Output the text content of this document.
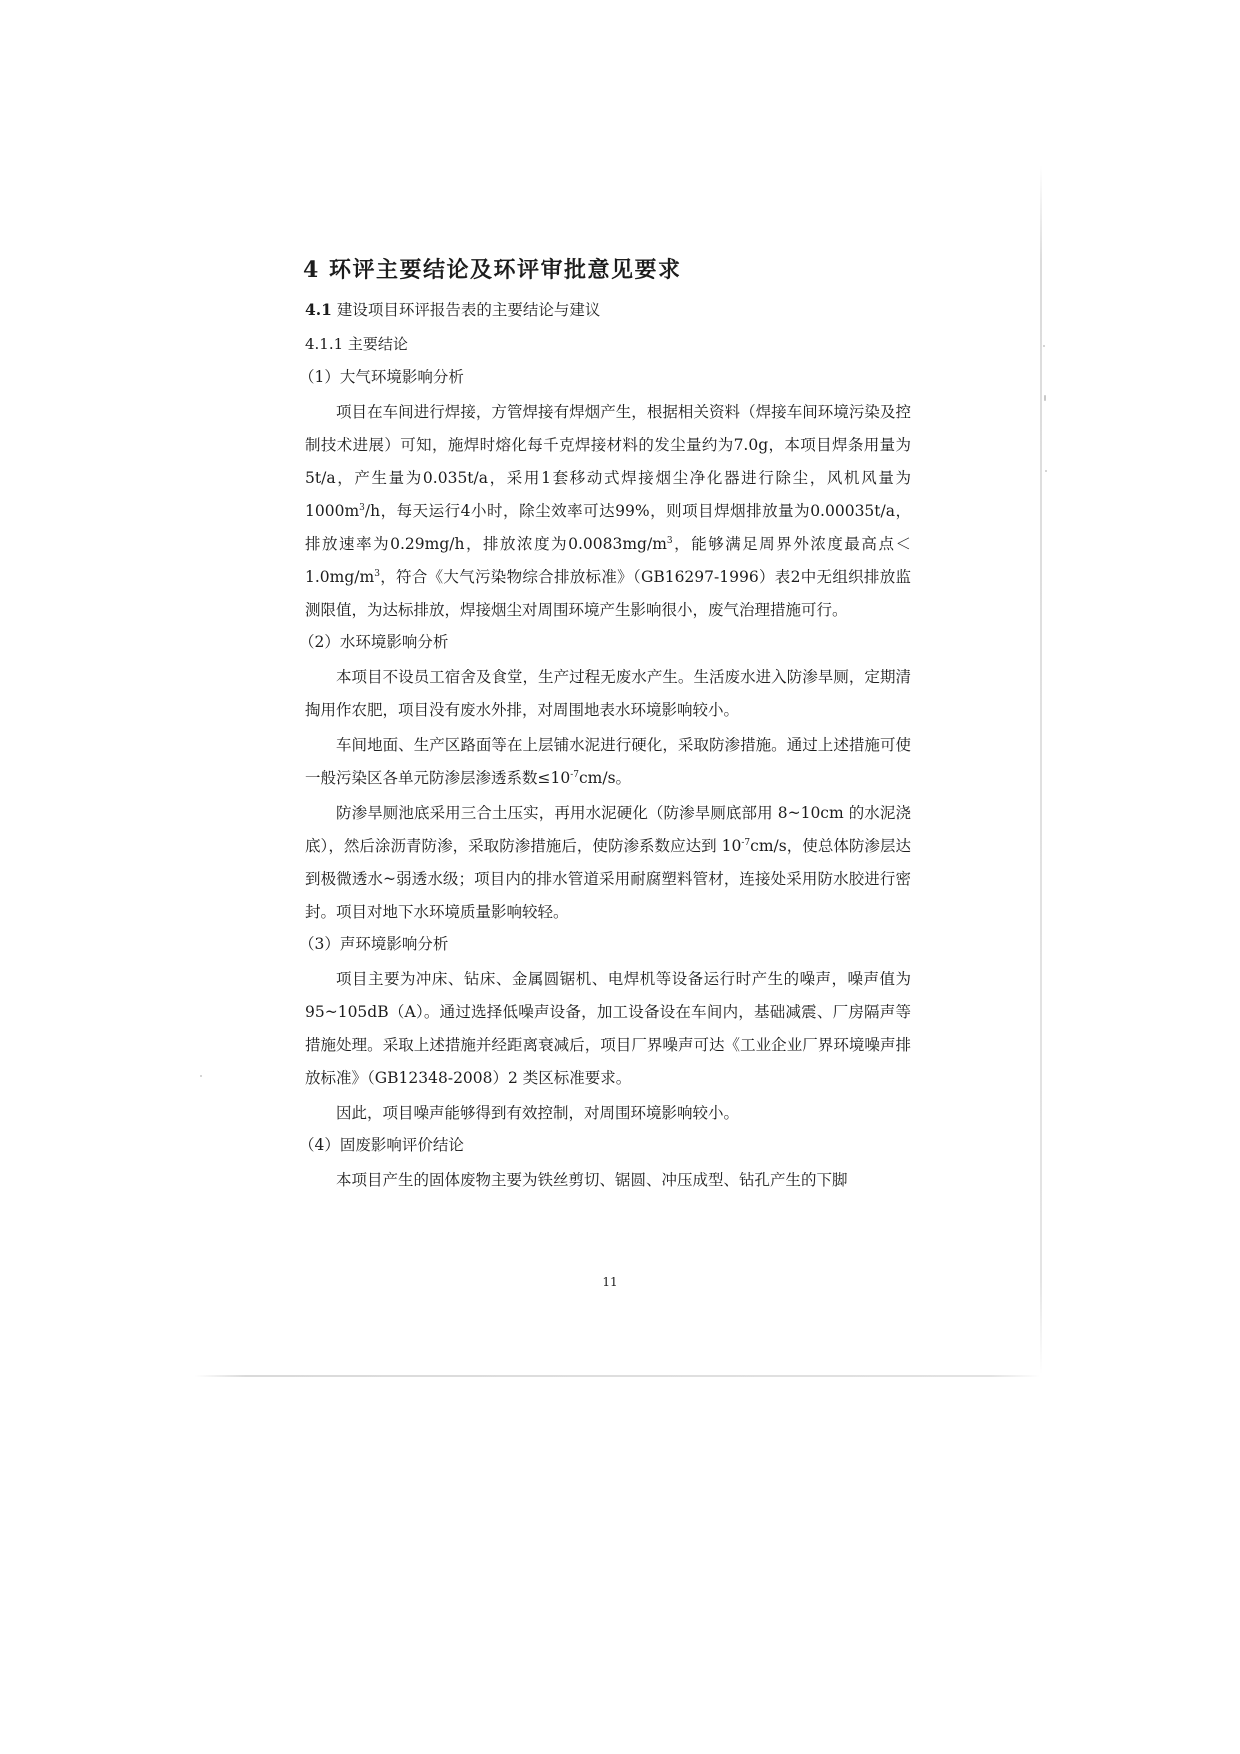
4 环评主要结论及环评审批意见要求
4.1 建设项目环评报告表的主要结论与建议
4.1.1 主要结论
（1）大气环境影响分析

项目在车间进行焊接，方管焊接有焊烟产生，根据相关资料（焊接车间环境污染及控制技术进展）可知，施焊时熔化每千克焊接材料的发尘量约为7.0g，本项目焊条用量为5t/a，产生量为0.035t/a，采用1套移动式焊接烟尘净化器进行除尘，风机风量为$1000m^3/h$，每天运行4小时，除尘效率可达99%，则项目焊烟排放量为0.00035t/a，排放速率为0.29mg/h，排放浓度为$0.0083mg/m^3$，能够满足周界外浓度最高点$<1.0mg/m^3$，符合《大气污染物综合排放标准》（GB16297-1996）表2中无组织排放监测限值，为达标排放，焊接烟尘对周围环境产生影响很小，废气治理措施可行。

（2）水环境影响分析

本项目不设员工宿舍及食堂，生产过程无废水产生。生活废水进入防渗旱厕，定期清掏用作农肥，项目没有废水外排，对周围地表水环境影响较小。

车间地面、生产区路面等在上层铺水泥进行硬化，采取防渗措施。通过上述措施可使一般污染区各单元防渗层渗透系数$\le 10^{-7}cm/s$。

防渗旱厕池底采用三合土压实，再用水泥硬化（防渗旱厕底部用 8~10cm 的水泥浇底），然后涂沥青防渗，采取防渗措施后，使防渗系数应达到 $10^{-7}cm/s$，使总体防渗层达到极微透水~弱透水级；项目内的排水管道采用耐腐塑料管材，连接处采用防水胶进行密封。项目对地下水环境质量影响较轻。

（3）声环境影响分析

项目主要为冲床、钻床、金属圆锯机、电焊机等设备运行时产生的噪声，噪声值为 95~105dB（A）。通过选择低噪声设备，加工设备设在车间内，基础减震、厂房隔声等措施处理。采取上述措施并经距离衰减后，项目厂界噪声可达《工业企业厂界环境噪声排放标准》（GB12348-2008）2 类区标准要求。

因此，项目噪声能够得到有效控制，对周围环境影响较小。

（4）固废影响评价结论

本项目产生的固体废物主要为铁丝剪切、锯圆、冲压成型、钻孔产生的下脚

11
